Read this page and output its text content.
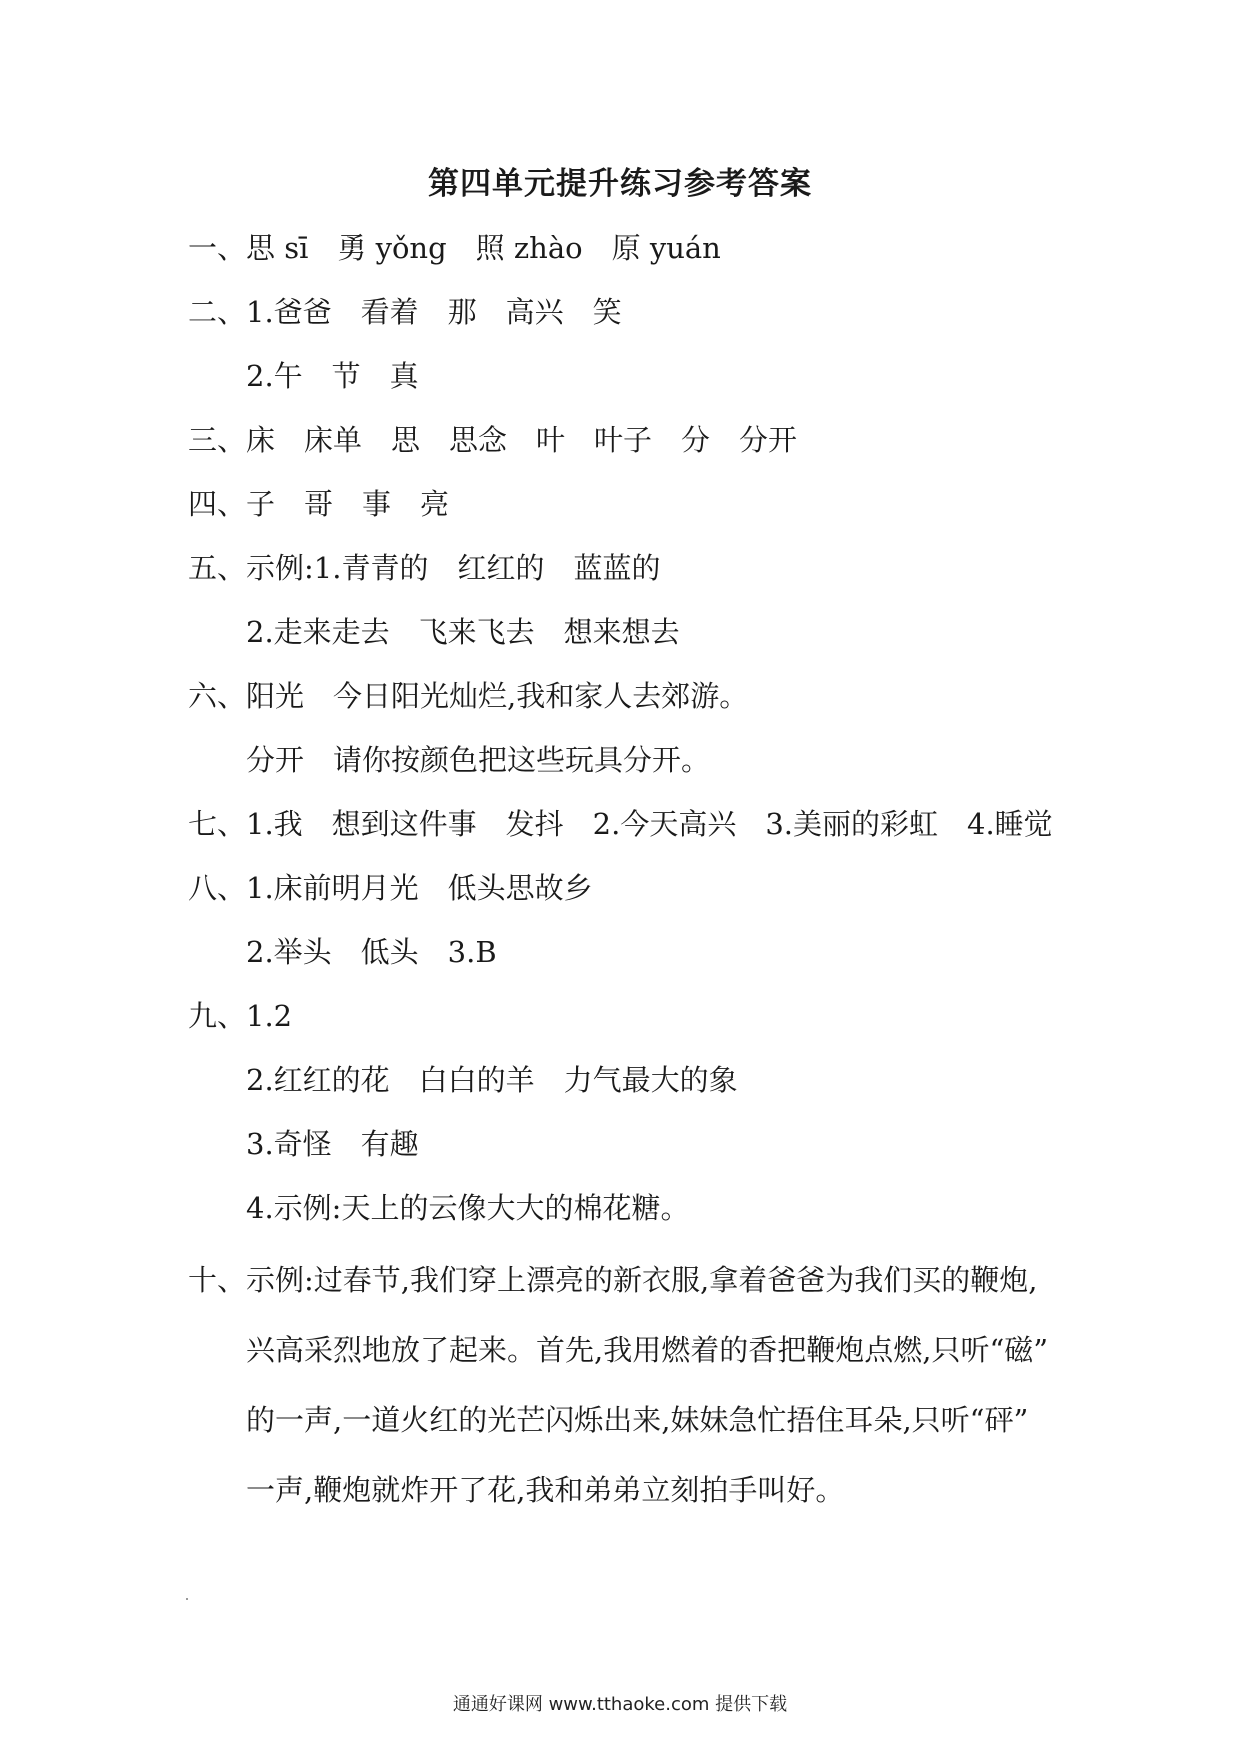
第四单元提升练习参考答案
一、思 sī　勇 yǒng　照 zhào　原 yuán
二、1.爸爸　看着　那　高兴　笑
2.午　节　真
三、床　床单　思　思念　叶　叶子　分　分开
四、子　哥　事　亮
五、示例:1.青青的　红红的　蓝蓝的
2.走来走去　飞来飞去　想来想去
六、阳光　今日阳光灿烂,我和家人去郊游。
分开　请你按颜色把这些玩具分开。
七、1.我　想到这件事　发抖　2.今天高兴　3.美丽的彩虹　4.睡觉
八、1.床前明月光　低头思故乡
2.举头　低头　3.B
九、1.2
2.红红的花　白白的羊　力气最大的象
3.奇怪　有趣
4.示例:天上的云像大大的棉花糖。
十、示例:过春节,我们穿上漂亮的新衣服,拿着爸爸为我们买的鞭炮,
兴高采烈地放了起来。首先,我用燃着的香把鞭炮点燃,只听“磁”
的一声,一道火红的光芒闪烁出来,妹妹急忙捂住耳朵,只听“砰”
一声,鞭炮就炸开了花,我和弟弟立刻拍手叫好。
通通好课网 www.tthaoke.com 提供下载
